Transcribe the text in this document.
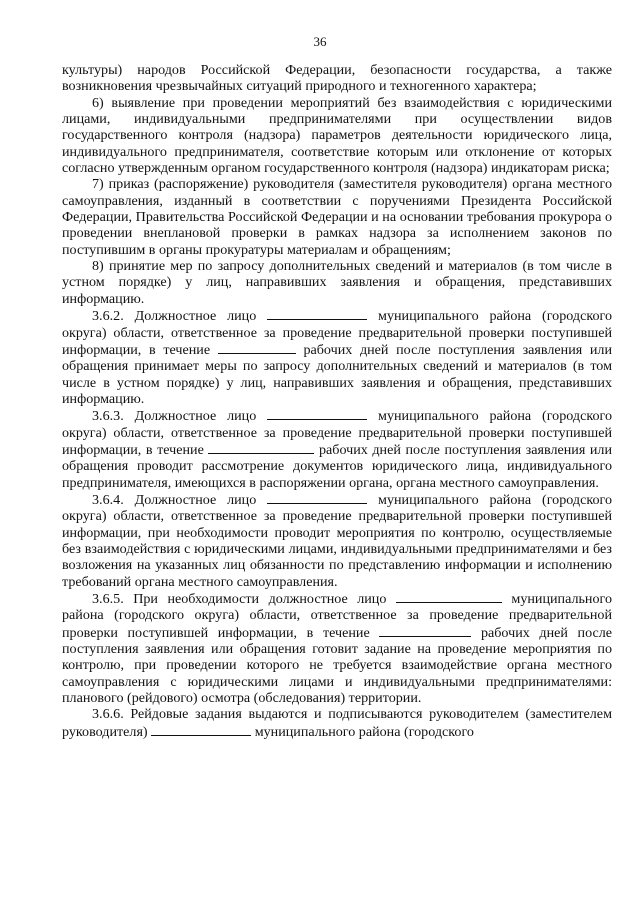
36

культуры) народов Российской Федерации, безопасности государства, а также возникновения чрезвычайных ситуаций природного и техногенного характера;

6) выявление при проведении мероприятий без взаимодействия с юридическими лицами, индивидуальными предпринимателями при осуществлении видов государственного контроля (надзора) параметров деятельности юридического лица, индивидуального предпринимателя, соответствие которым или отклонение от которых согласно утвержденным органом государственного контроля (надзора) индикаторам риска;

7) приказ (распоряжение) руководителя (заместителя руководителя) органа местного самоуправления, изданный в соответствии с поручениями Президента Российской Федерации, Правительства Российской Федерации и на основании требования прокурора о проведении внеплановой проверки в рамках надзора за исполнением законов по поступившим в органы прокуратуры материалам и обращениям;

8) принятие мер по запросу дополнительных сведений и материалов (в том числе в устном порядке) у лиц, направивших заявления и обращения, представивших информацию.

3.6.2. Должностное лицо	муниципального района (городского округа) области, ответственное за проведение предварительной проверки поступившей информации, в течение	рабочих дней после поступления заявления или обращения принимает меры по запросу дополнительных сведений и материалов (в том числе в устном порядке) у лиц, направивших заявления и обращения, представивших информацию.

3.6.3. Должностное лицо	муниципального района (городского округа) области, ответственное за проведение предварительной проверки поступившей информации, в течение	рабочих дней после поступления заявления или обращения проводит рассмотрение документов юридического лица, индивидуального предпринимателя, имеющихся в распоряжении органа, органа местного самоуправления.

3.6.4. Должностное лицо	муниципального района (городского округа) области, ответственное за проведение предварительной проверки поступившей информации, при необходимости проводит мероприятия по контролю, осуществляемые без взаимодействия с юридическими лицами, индивидуальными предпринимателями и без возложения на указанных лиц обязанности по представлению информации и исполнению требований органа местного самоуправления.

3.6.5. При необходимости должностное лицо	муниципального района (городского округа) области, ответственное за проведение предварительной проверки поступившей информации, в течение	рабочих дней после поступления заявления или обращения готовит задание на проведение мероприятия по контролю, при проведении которого не требуется взаимодействие органа местного самоуправления с юридическими лицами и индивидуальными предпринимателями: планового (рейдового) осмотра (обследования) территории.

3.6.6. Рейдовые задания выдаются и подписываются руководителем (заместителем руководителя)	муниципального района (городского
